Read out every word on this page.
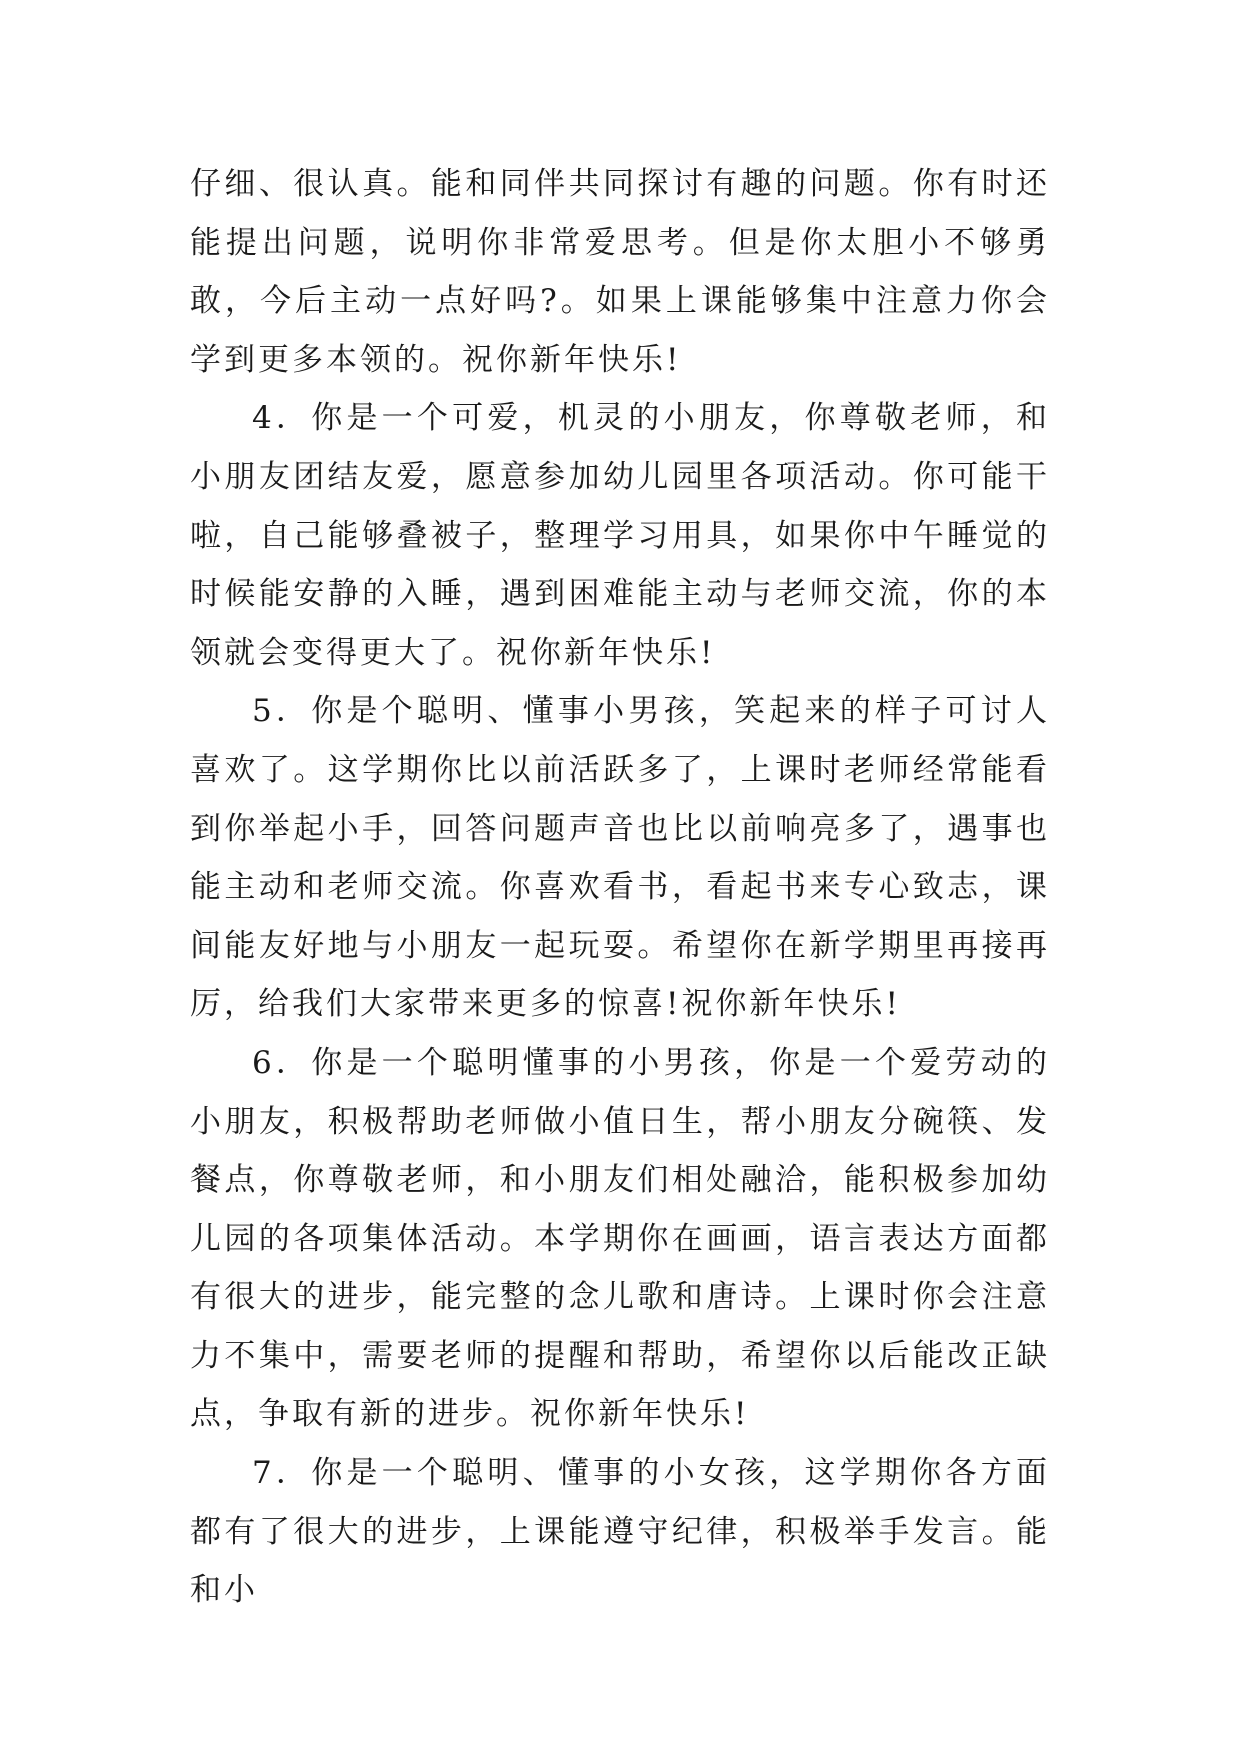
仔细、很认真。能和同伴共同探讨有趣的问题。你有时还能提出问题，说明你非常爱思考。但是你太胆小不够勇敢，今后主动一点好吗?。如果上课能够集中注意力你会学到更多本领的。祝你新年快乐!

4．你是一个可爱，机灵的小朋友，你尊敬老师，和小朋友团结友爱，愿意参加幼儿园里各项活动。你可能干啦，自己能够叠被子，整理学习用具，如果你中午睡觉的时候能安静的入睡，遇到困难能主动与老师交流，你的本领就会变得更大了。祝你新年快乐!

5．你是个聪明、懂事小男孩，笑起来的样子可讨人喜欢了。这学期你比以前活跃多了，上课时老师经常能看到你举起小手，回答问题声音也比以前响亮多了，遇事也能主动和老师交流。你喜欢看书，看起书来专心致志，课间能友好地与小朋友一起玩耍。希望你在新学期里再接再厉，给我们大家带来更多的惊喜!祝你新年快乐!

6．你是一个聪明懂事的小男孩，你是一个爱劳动的小朋友，积极帮助老师做小值日生，帮小朋友分碗筷、发餐点，你尊敬老师，和小朋友们相处融洽，能积极参加幼儿园的各项集体活动。本学期你在画画，语言表达方面都有很大的进步，能完整的念儿歌和唐诗。上课时你会注意力不集中，需要老师的提醒和帮助，希望你以后能改正缺点，争取有新的进步。祝你新年快乐!

7．你是一个聪明、懂事的小女孩，这学期你各方面都有了很大的进步，上课能遵守纪律，积极举手发言。能和小
